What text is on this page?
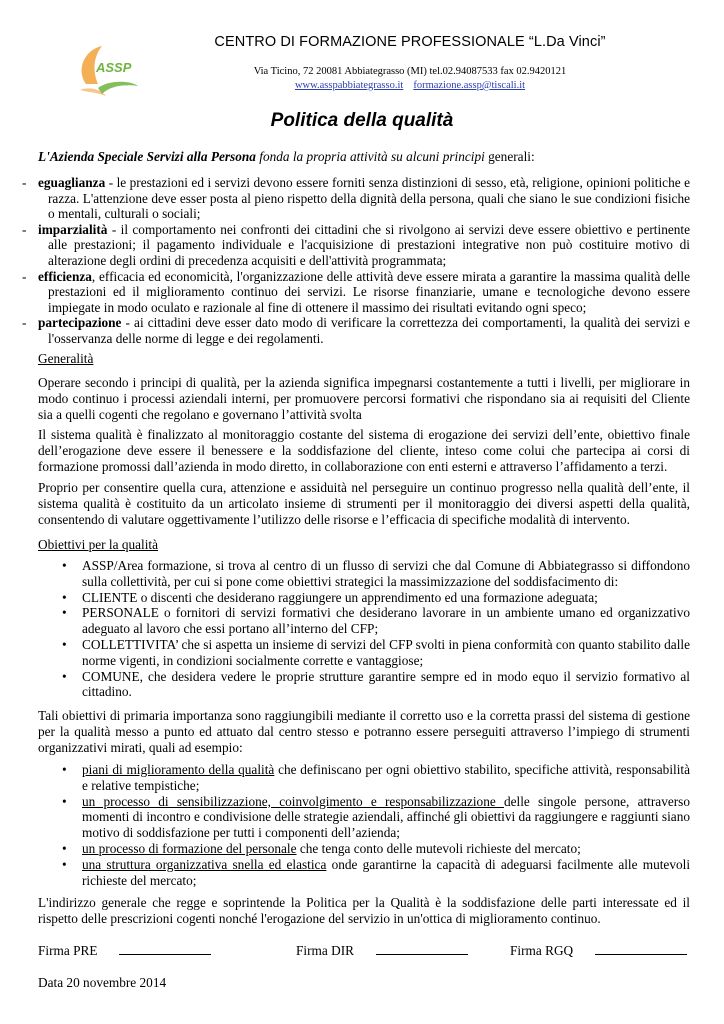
ASSP
CENTRO DI FORMAZIONE PROFESSIONALE “L.Da Vinci”
Via Ticino, 72 20081 Abbiategrasso (MI) tel.02.94087533 fax 02.9420121
www.asspabbiategrasso.it formazione.assp@tiscali.it
Politica della qualità
L'Azienda Speciale Servizi alla Persona fonda la propria attività su alcuni principi generali:
- eguaglianza - le prestazioni ed i servizi devono essere forniti senza distinzioni di sesso, età, religione, opinioni politiche e razza. L'attenzione deve esser posta al pieno rispetto della dignità della persona, quali che siano le sue condizioni fisiche o mentali, culturali o sociali;
- imparzialità - il comportamento nei confronti dei cittadini che si rivolgono ai servizi deve essere obiettivo e pertinente alle prestazioni; il pagamento individuale e l'acquisizione di prestazioni integrative non può costituire motivo di alterazione degli ordini di precedenza acquisiti e dell'attività programmata;
- efficienza, efficacia ed economicità, l'organizzazione delle attività deve essere mirata a garantire la massima qualità delle prestazioni ed il miglioramento continuo dei servizi. Le risorse finanziarie, umane e tecnologiche devono essere impiegate in modo oculato e razionale al fine di ottenere il massimo dei risultati evitando ogni speco;
- partecipazione - ai cittadini deve esser dato modo di verificare la correttezza dei comportamenti, la qualità dei servizi e l'osservanza delle norme di legge e dei regolamenti.
Generalità

Operare secondo i principi di qualità, per la azienda significa impegnarsi costantemente a tutti i livelli, per migliorare in modo continuo i processi aziendali interni, per promuovere percorsi formativi che rispondano sia ai requisiti del Cliente sia a quelli cogenti che regolano e governano l’attività svolta

Il sistema qualità è finalizzato al monitoraggio costante del sistema di erogazione dei servizi dell’ente, obiettivo finale dell’erogazione deve essere il benessere e la soddisfazione del cliente, inteso come colui che partecipa ai corsi di formazione promossi dall’azienda in modo diretto, in collaborazione con enti esterni e attraverso l’affidamento a terzi.

Proprio per consentire quella cura, attenzione e assiduità nel perseguire un continuo progresso nella qualità dell’ente, il sistema qualità è costituito da un articolato insieme di strumenti per il monitoraggio dei diversi aspetti della qualità, consentendo di valutare oggettivamente l’utilizzo delle risorse e l’efficacia di specifiche modalità di intervento.

Obiettivi per la qualità
• ASSP/Area formazione, si trova al centro di un flusso di servizi che dal Comune di Abbiategrasso si diffondono sulla collettività, per cui si pone come obiettivi strategici la massimizzazione del soddisfacimento di:
• CLIENTE o discenti che desiderano raggiungere un apprendimento ed una formazione adeguata;
• PERSONALE o fornitori di servizi formativi che desiderano lavorare in un ambiente umano ed organizzativo adeguato al lavoro che essi portano all’interno del CFP;
• COLLETTIVITA’ che si aspetta un insieme di servizi del CFP svolti in piena conformità con quanto stabilito dalle norme vigenti, in condizioni socialmente corrette e vantaggiose;
• COMUNE, che desidera vedere le proprie strutture garantire sempre ed in modo equo il servizio formativo al cittadino.

Tali obiettivi di primaria importanza sono raggiungibili mediante il corretto uso e la corretta prassi del sistema di gestione per la qualità messo a punto ed attuato dal centro stesso e potranno essere perseguiti attraverso l’impiego di strumenti organizzativi mirati, quali ad esempio:

• piani di miglioramento della qualità che definiscano per ogni obiettivo stabilito, specifiche attività, responsabilità e relative tempistiche;
• un processo di sensibilizzazione, coinvolgimento e responsabilizzazione delle singole persone, attraverso momenti di incontro e condivisione delle strategie aziendali, affinché gli obiettivi da raggiungere e raggiunti siano motivo di soddisfazione per tutti i componenti dell’azienda;
• un processo di formazione del personale che tenga conto delle mutevoli richieste del mercato;
• una struttura organizzativa snella ed elastica onde garantirne la capacità di adeguarsi facilmente alle mutevoli richieste del mercato;

L'indirizzo generale che regge e soprintende la Politica per la Qualità è la soddisfazione delle parti interessate ed il rispetto delle prescrizioni cogenti nonché l'erogazione del servizio in un'ottica di miglioramento continuo.

Firma PRE	Firma DIR	Firma RGQ
Data 20 novembre 2014
